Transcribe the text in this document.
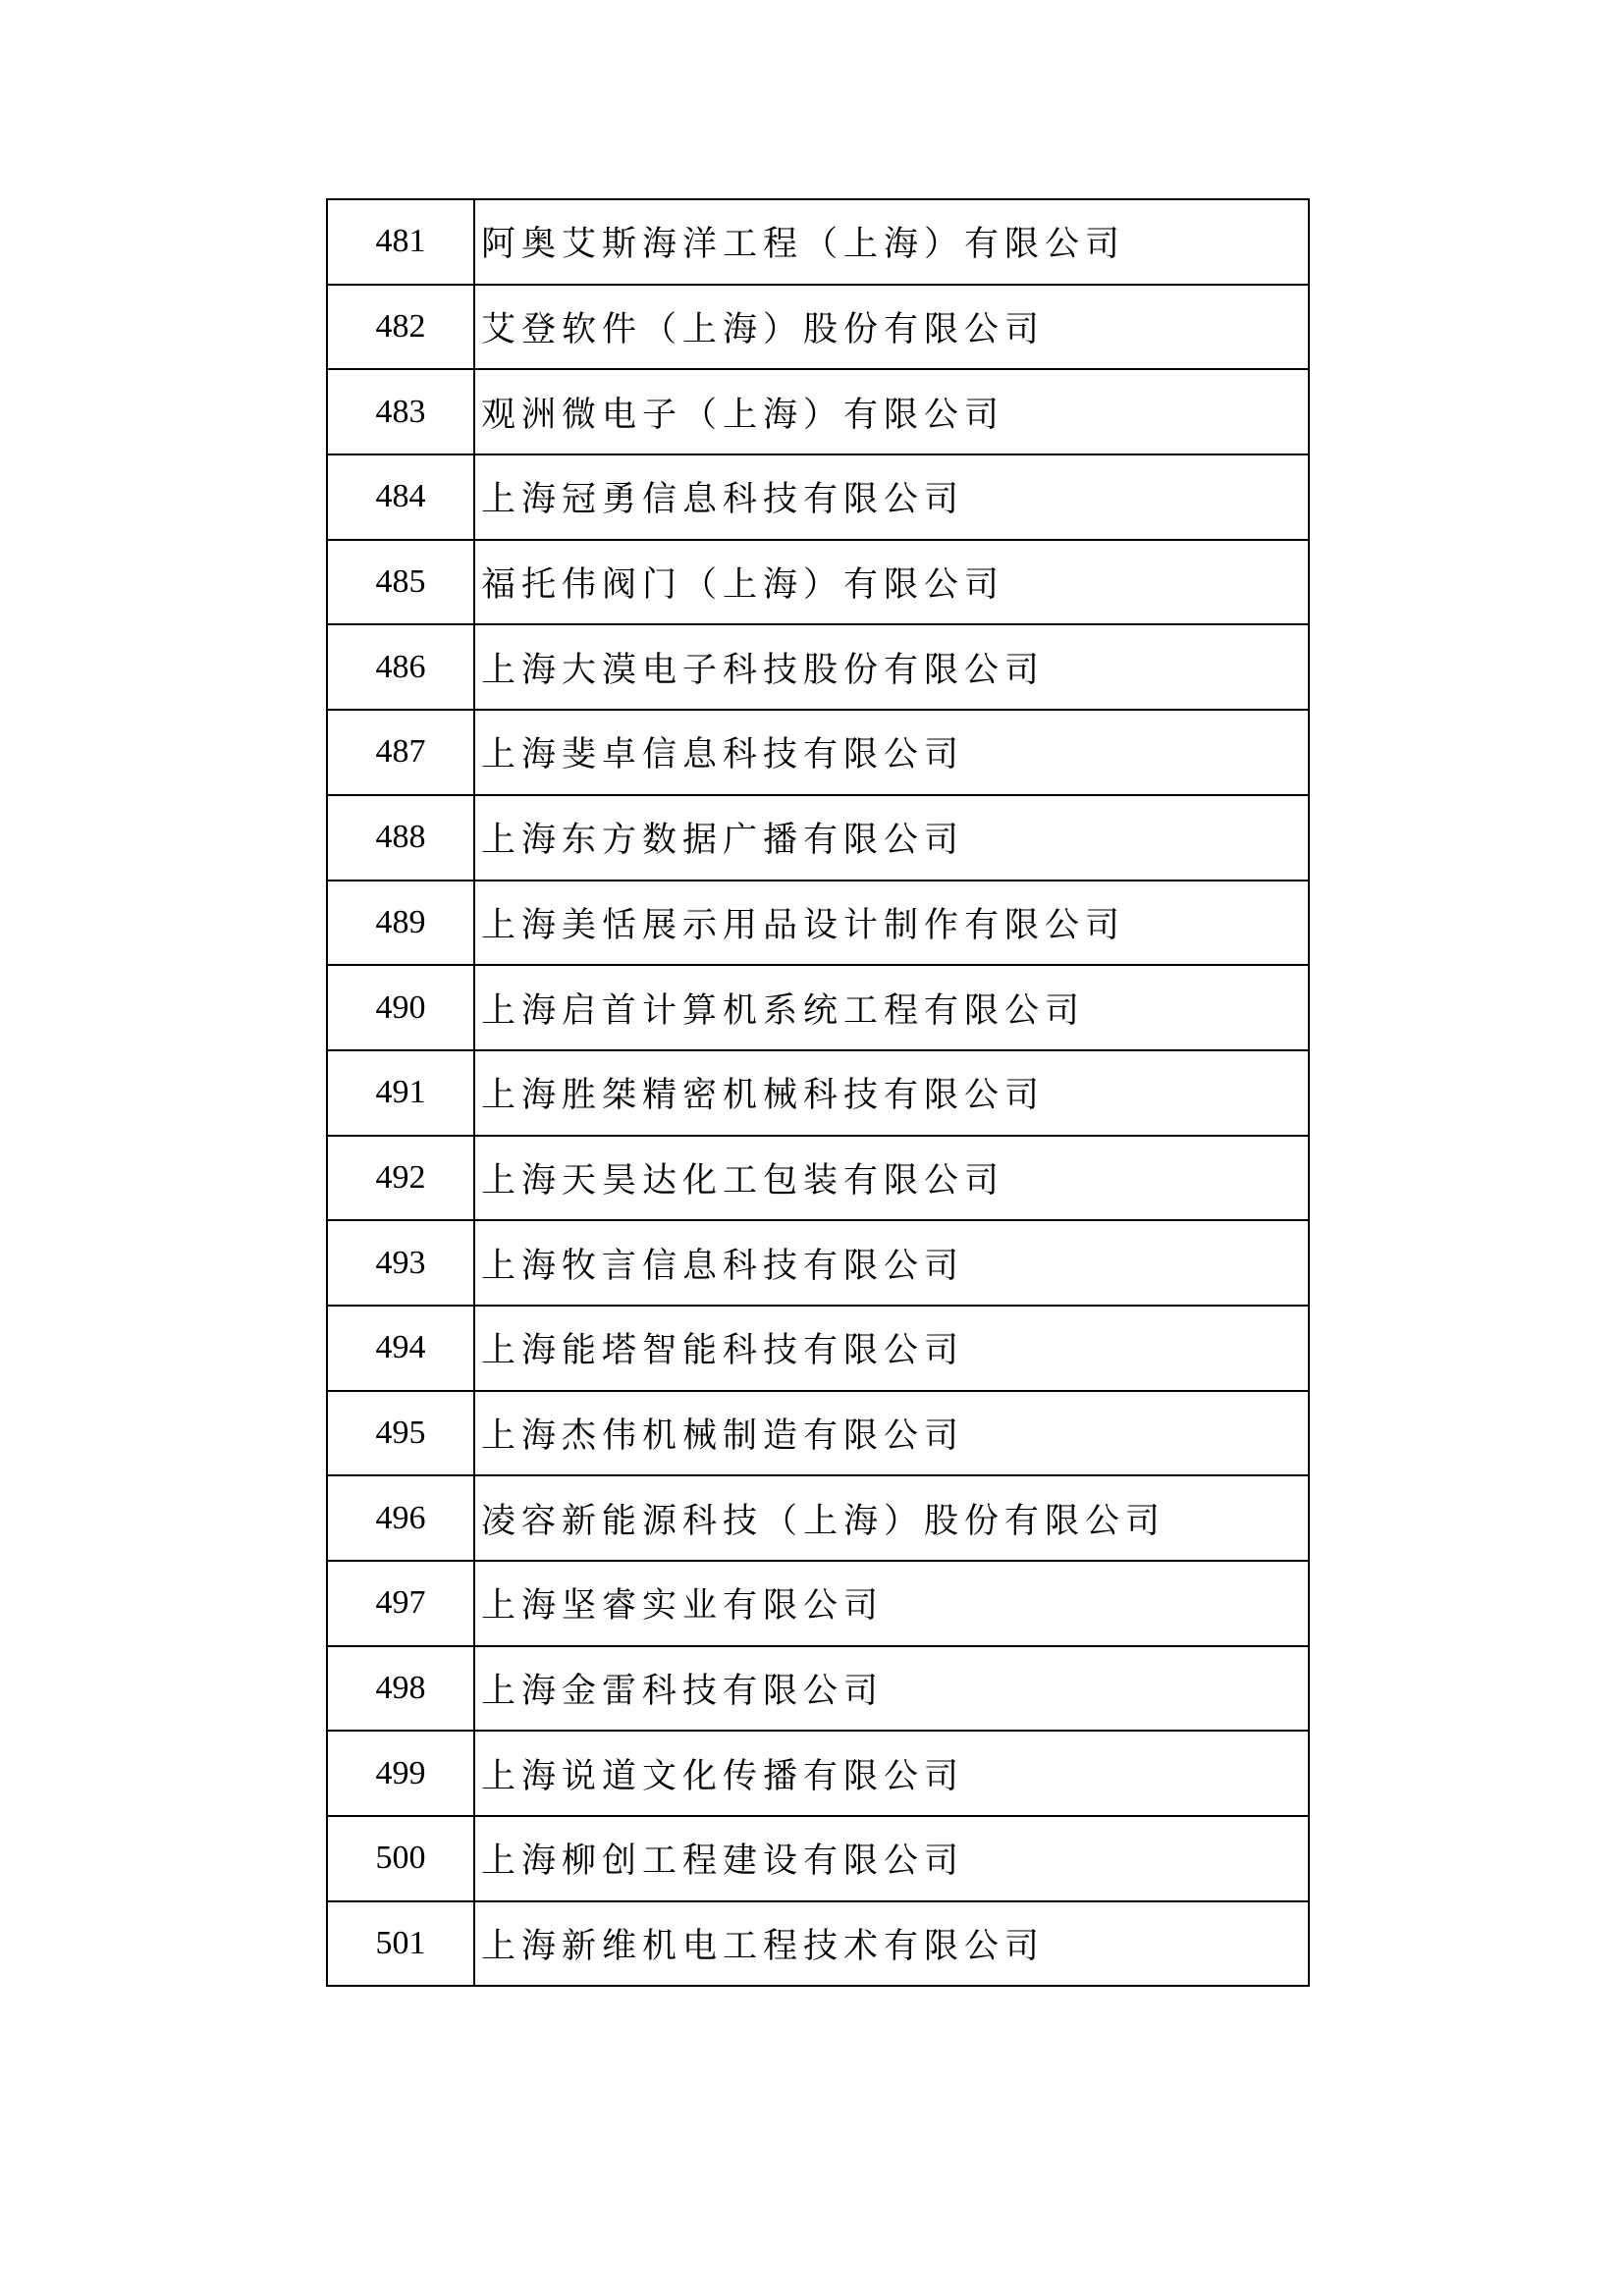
481	阿奥艾斯海洋工程（上海）有限公司
482	艾登软件（上海）股份有限公司
483	观洲微电子（上海）有限公司
484	上海冠勇信息科技有限公司
485	福托伟阀门（上海）有限公司
486	上海大漠电子科技股份有限公司
487	上海斐卓信息科技有限公司
488	上海东方数据广播有限公司
489	上海美恬展示用品设计制作有限公司
490	上海启首计算机系统工程有限公司
491	上海胜桀精密机械科技有限公司
492	上海天昊达化工包装有限公司
493	上海牧言信息科技有限公司
494	上海能塔智能科技有限公司
495	上海杰伟机械制造有限公司
496	凌容新能源科技（上海）股份有限公司
497	上海坚睿实业有限公司
498	上海金雷科技有限公司
499	上海说道文化传播有限公司
500	上海柳创工程建设有限公司
501	上海新维机电工程技术有限公司
